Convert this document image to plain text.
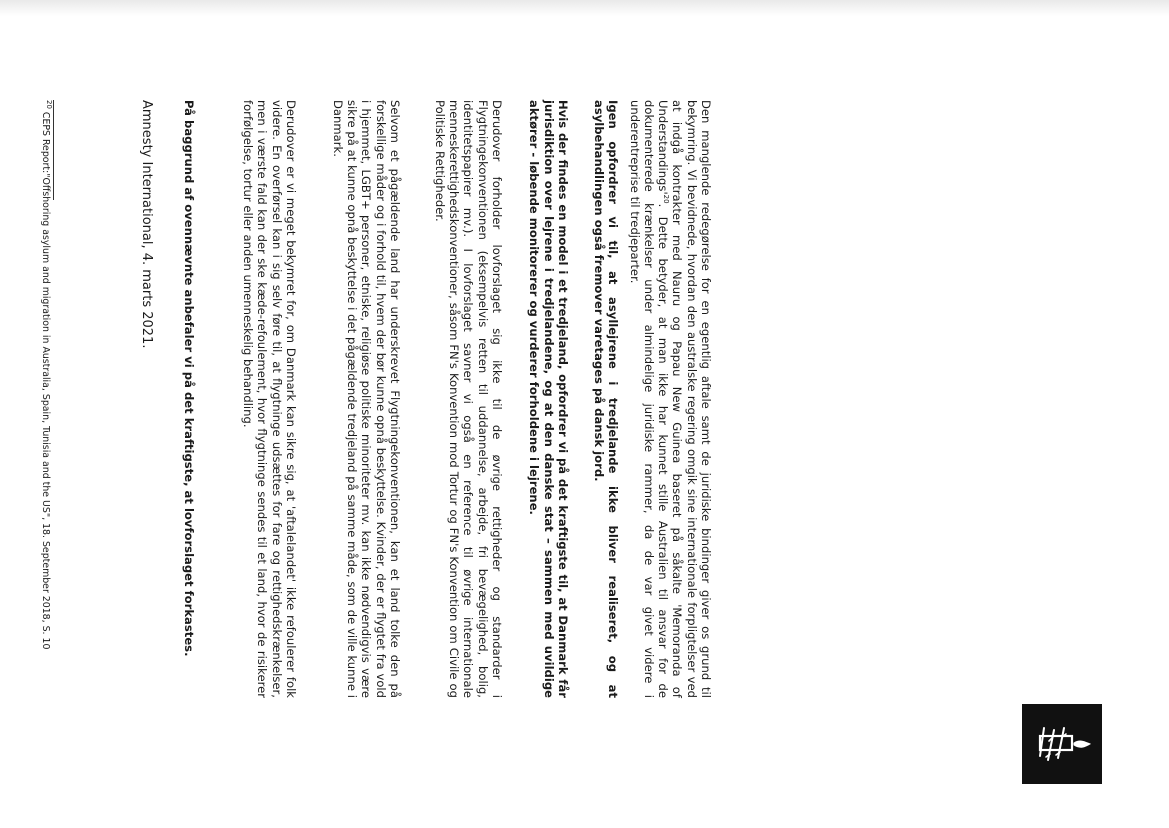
Den manglende redegørelse for en egentlig aftale samt de juridiske bindinger giver os grund til bekymring. Vi bevidnede, hvordan den australske regering omgik sine internationale forpligtelser ved at indgå kontrakter med Nauru og Papau New Guinea baseret på såkalte 'Memoranda of $Understandings'^{20}$. Dette betyder, at man ikke har kunnet stille Australien til ansvar for de dokumenterede krænkelser under almindelige juridiske rammer, da de var givet videre i underentreprise til tredjeparter.

Igen opfordrer vi til, at asyllejrene i tredjelande ikke bliver realiseret, og at asylbehandlingen også fremover varetages på dansk jord.

Hvis der findes en model i et tredjeland, opfordrer vi på det kraftigste til, at Danmark får jurisdiktion over lejrene i tredjelandene, og at den danske stat – sammen med uvildige aktører - løbende monitorerer og vurderer forholdene i lejrene.

Derudover forholder lovforslaget sig ikke til de øvrige rettigheder og standarder i Flygtningekonventionen (eksempelvis retten til uddannelse, arbejde, fri bevægelighed, bolig, identitetspapirer mv.). I lovforslaget savner vi også en reference til øvrige internationale menneskerettighedskonventioner, såsom FN's Konvention mod Tortur og FN's Konvention om Civile og Politiske Rettigheder.

Selvom et pågældende land har underskrevet Flygtningekonventionen, kan et land tolke den på forskellige måder og i forhold til, hvem der bør kunne opnå beskyttelse. Kvinder, der er flygtet fra vold i hjemmet, LGBT+ personer, etniske, religiøse politiske minoriteter mv. kan ikke nødvendigvis være sikre på at kunne opnå beskyttelse i det pågældende tredjeland på samme måde, som de ville kunne i Danmark.

Derudover er vi meget bekymret for, om Danmark kan sikre sig, at 'aftalelandet' ikke refoulerer folk videre. En overførsel kan i sig selv føre til, at flygtninge udsættes for fare og rettighedskrænkelser, men i værste fald kan der ske kæde-refoulement, hvor flygtninge sendes til et land, hvor de risikerer forfølgelse, tortur eller anden umenneskelig behandling.

På baggrund af ovennævnte anbefaler vi på det kraftigste, at lovforslaget forkastes.

Amnesty International, 4. marts 2021.

$^{20}$ CEPS Report:"Offshoring asylum and migration in Australia, Spain, Tunisia and the US", 18. September 2018, S. 10
